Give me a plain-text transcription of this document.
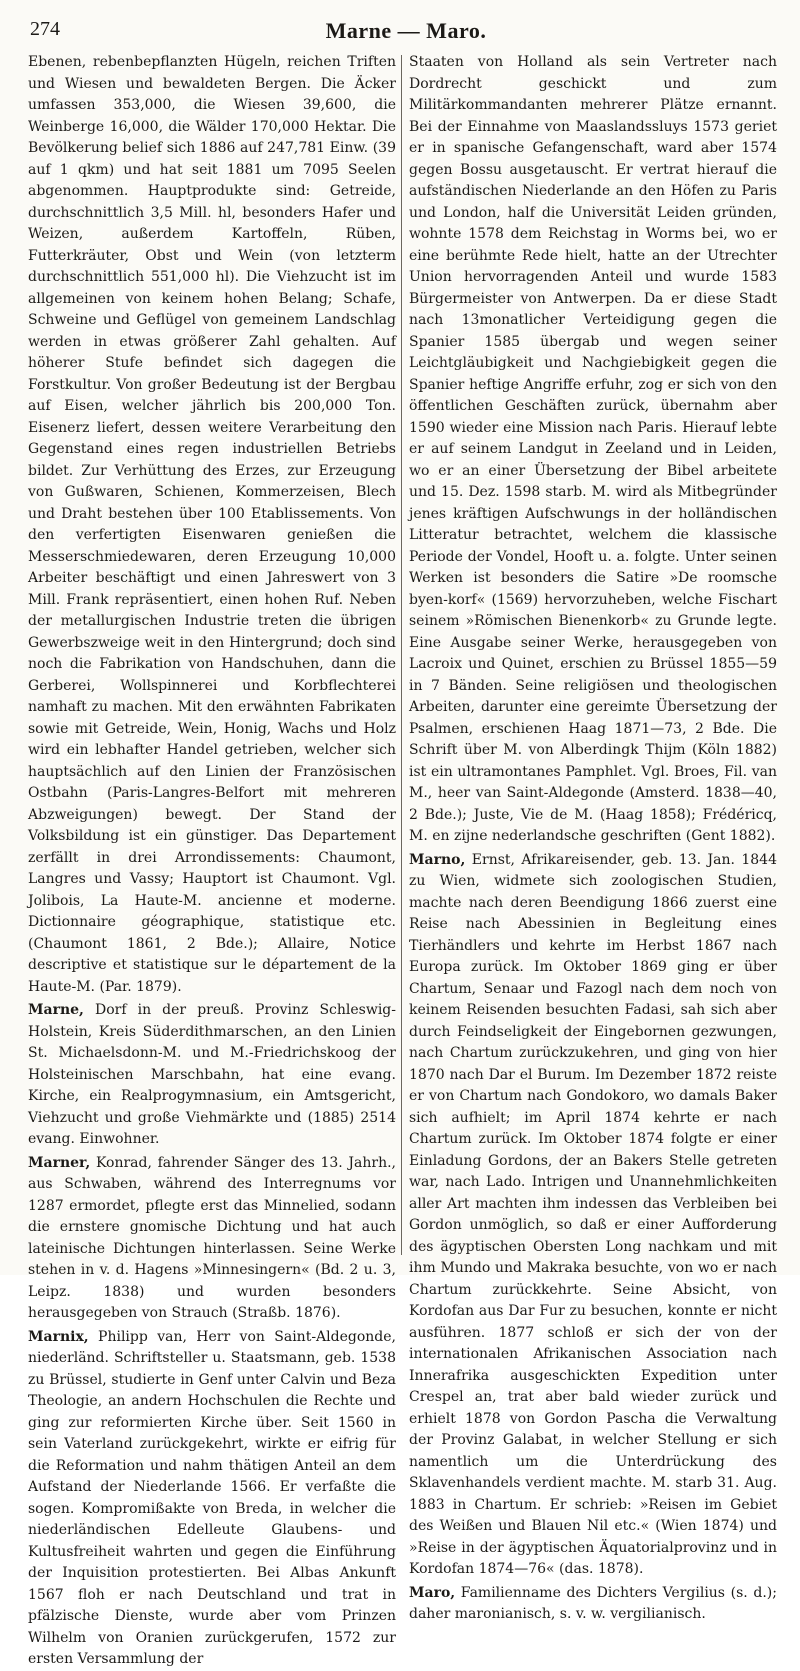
274	Marne — Maro.

Ebenen, rebenbepflanzten Hügeln, reichen Triften und Wiesen und bewaldeten Bergen. Die Äcker umfassen 353,000, die Wiesen 39,600, die Weinberge 16,000, die Wälder 170,000 Hektar. Die Bevölkerung belief sich 1886 auf 247,781 Einw. (39 auf 1 qkm) und hat seit 1881 um 7095 Seelen abgenommen. Hauptprodukte sind: Getreide, durchschnittlich 3,5 Mill. hl, besonders Hafer und Weizen, außerdem Kartoffeln, Rüben, Futterkräuter, Obst und Wein (von letzterm durchschnittlich 551,000 hl). Die Viehzucht ist im allgemeinen von keinem hohen Belang; Schafe, Schweine und Geflügel von gemeinem Landschlag werden in etwas größerer Zahl gehalten. Auf höherer Stufe befindet sich dagegen die Forstkultur. Von großer Bedeutung ist der Bergbau auf Eisen, welcher jährlich bis 200,000 Ton. Eisenerz liefert, dessen weitere Verarbeitung den Gegenstand eines regen industriellen Betriebs bildet. Zur Verhüttung des Erzes, zur Erzeugung von Gußwaren, Schienen, Kommerzeisen, Blech und Draht bestehen über 100 Etablissements. Von den verfertigten Eisenwaren genießen die Messerschmiedewaren, deren Erzeugung 10,000 Arbeiter beschäftigt und einen Jahreswert von 3 Mill. Frank repräsentiert, einen hohen Ruf. Neben der metallurgischen Industrie treten die übrigen Gewerbszweige weit in den Hintergrund; doch sind noch die Fabrikation von Handschuhen, dann die Gerberei, Wollspinnerei und Korbflechterei namhaft zu machen. Mit den erwähnten Fabrikaten sowie mit Getreide, Wein, Honig, Wachs und Holz wird ein lebhafter Handel getrieben, welcher sich hauptsächlich auf den Linien der Französischen Ostbahn (Paris-Langres-Belfort mit mehreren Abzweigungen) bewegt. Der Stand der Volksbildung ist ein günstiger. Das Departement zerfällt in drei Arrondissements: Chaumont, Langres und Vassy; Hauptort ist Chaumont. Vgl. Jolibois, La Haute-M. ancienne et moderne. Dictionnaire géographique, statistique etc. (Chaumont 1861, 2 Bde.); Allaire, Notice descriptive et statistique sur le département de la Haute-M. (Par. 1879).

Marne, Dorf in der preuß. Provinz Schleswig-Holstein, Kreis Süderdithmarschen, an den Linien St. Michaelsdonn-M. und M.-Friedrichskoog der Holsteinischen Marschbahn, hat eine evang. Kirche, ein Realprogymnasium, ein Amtsgericht, Viehzucht und große Viehmärkte und (1885) 2514 evang. Einwohner.

Marner, Konrad, fahrender Sänger des 13. Jahrh., aus Schwaben, während des Interregnums vor 1287 ermordet, pflegte erst das Minnelied, sodann die ernstere gnomische Dichtung und hat auch lateinische Dichtungen hinterlassen. Seine Werke stehen in v. d. Hagens »Minnesingern« (Bd. 2 u. 3, Leipz. 1838) und wurden besonders herausgegeben von Strauch (Straßb. 1876).

Marnix, Philipp van, Herr von Saint-Aldegonde, niederländ. Schriftsteller u. Staatsmann, geb. 1538 zu Brüssel, studierte in Genf unter Calvin und Beza Theologie, an andern Hochschulen die Rechte und ging zur reformierten Kirche über. Seit 1560 in sein Vaterland zurückgekehrt, wirkte er eifrig für die Reformation und nahm thätigen Anteil an dem Aufstand der Niederlande 1566. Er verfaßte die sogen. Kompromißakte von Breda, in welcher die niederländischen Edelleute Glaubens- und Kultusfreiheit wahrten und gegen die Einführung der Inquisition protestierten. Bei Albas Ankunft 1567 floh er nach Deutschland und trat in pfälzische Dienste, wurde aber vom Prinzen Wilhelm von Oranien zurückgerufen, 1572 zur ersten Versammlung der

Staaten von Holland als sein Vertreter nach Dordrecht geschickt und zum Militärkommandanten mehrerer Plätze ernannt. Bei der Einnahme von Maaslandssluys 1573 geriet er in spanische Gefangenschaft, ward aber 1574 gegen Bossu ausgetauscht. Er vertrat hierauf die aufständischen Niederlande an den Höfen zu Paris und London, half die Universität Leiden gründen, wohnte 1578 dem Reichstag in Worms bei, wo er eine berühmte Rede hielt, hatte an der Utrechter Union hervorragenden Anteil und wurde 1583 Bürgermeister von Antwerpen. Da er diese Stadt nach 13monatlicher Verteidigung gegen die Spanier 1585 übergab und wegen seiner Leichtgläubigkeit und Nachgiebigkeit gegen die Spanier heftige Angriffe erfuhr, zog er sich von den öffentlichen Geschäften zurück, übernahm aber 1590 wieder eine Mission nach Paris. Hierauf lebte er auf seinem Landgut in Zeeland und in Leiden, wo er an einer Übersetzung der Bibel arbeitete und 15. Dez. 1598 starb. M. wird als Mitbegründer jenes kräftigen Aufschwungs in der holländischen Litteratur betrachtet, welchem die klassische Periode der Vondel, Hooft u. a. folgte. Unter seinen Werken ist besonders die Satire »De roomsche byen-korf« (1569) hervorzuheben, welche Fischart seinem »Römischen Bienenkorb« zu Grunde legte. Eine Ausgabe seiner Werke, herausgegeben von Lacroix und Quinet, erschien zu Brüssel 1855—59 in 7 Bänden. Seine religiösen und theologischen Arbeiten, darunter eine gereimte Übersetzung der Psalmen, erschienen Haag 1871—73, 2 Bde. Die Schrift über M. von Alberdingk Thijm (Köln 1882) ist ein ultramontanes Pamphlet. Vgl. Broes, Fil. van M., heer van Saint-Aldegonde (Amsterd. 1838—40, 2 Bde.); Juste, Vie de M. (Haag 1858); Frédéricq, M. en zijne nederlandsche geschriften (Gent 1882).

Marno, Ernst, Afrikareisender, geb. 13. Jan. 1844 zu Wien, widmete sich zoologischen Studien, machte nach deren Beendigung 1866 zuerst eine Reise nach Abessinien in Begleitung eines Tierhändlers und kehrte im Herbst 1867 nach Europa zurück. Im Oktober 1869 ging er über Chartum, Senaar und Fazogl nach dem noch von keinem Reisenden besuchten Fadasi, sah sich aber durch Feindseligkeit der Eingebornen gezwungen, nach Chartum zurückzukehren, und ging von hier 1870 nach Dar el Burum. Im Dezember 1872 reiste er von Chartum nach Gondokoro, wo damals Baker sich aufhielt; im April 1874 kehrte er nach Chartum zurück. Im Oktober 1874 folgte er einer Einladung Gordons, der an Bakers Stelle getreten war, nach Lado. Intrigen und Unannehmlichkeiten aller Art machten ihm indessen das Verbleiben bei Gordon unmöglich, so daß er einer Aufforderung des ägyptischen Obersten Long nachkam und mit ihm Mundo und Makraka besuchte, von wo er nach Chartum zurückkehrte. Seine Absicht, von Kordofan aus Dar Fur zu besuchen, konnte er nicht ausführen. 1877 schloß er sich der von der internationalen Afrikanischen Association nach Innerafrika ausgeschickten Expedition unter Crespel an, trat aber bald wieder zurück und erhielt 1878 von Gordon Pascha die Verwaltung der Provinz Galabat, in welcher Stellung er sich namentlich um die Unterdrückung des Sklavenhandels verdient machte. M. starb 31. Aug. 1883 in Chartum. Er schrieb: »Reisen im Gebiet des Weißen und Blauen Nil etc.« (Wien 1874) und »Reise in der ägyptischen Äquatorialprovinz und in Kordofan 1874—76« (das. 1878).

Maro, Familienname des Dichters Vergilius (s. d.); daher maronianisch, s. v. w. vergilianisch.
